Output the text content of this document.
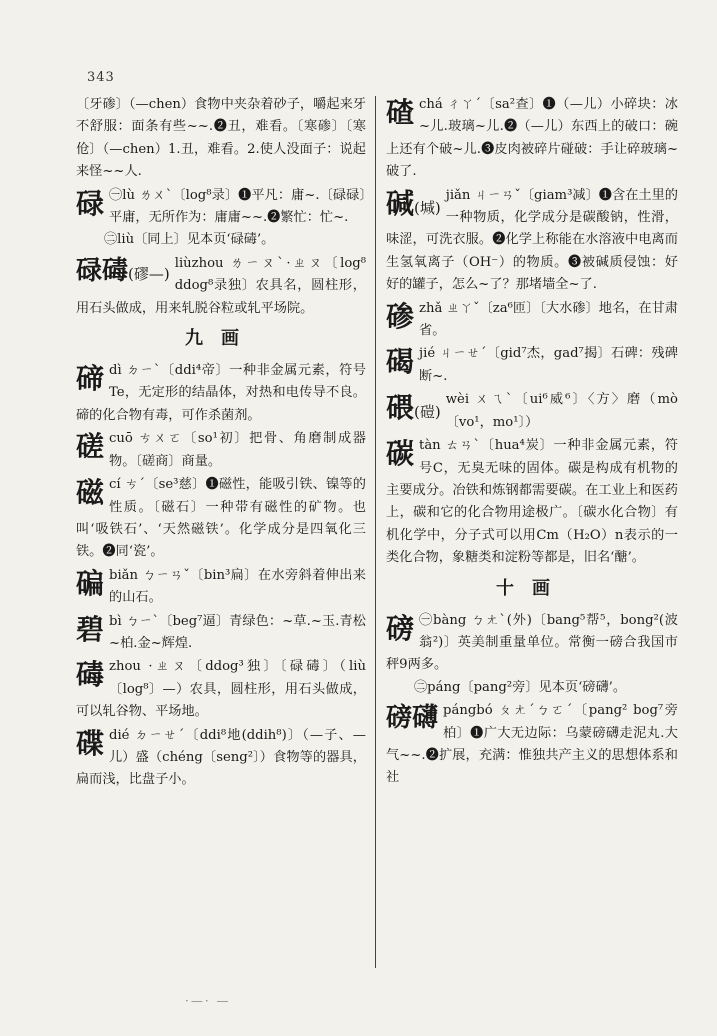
343
〔牙碜〕（—chen）食物中夹杂着砂子，嚼起来牙不舒服：面条有些~~.❷丑，难看。〔寒碜〕〔寒伧〕（—chen）1.丑，难看。2.使人没面子：说起来怪~~人.
碌 ㊀lù ㄌㄨˋ〔log⁸录〕❶平凡：庸~.〔碌碌〕平庸，无所作为：庸庸~~.❷繁忙：忙~.
㊁liù〔同上〕见本页‘碌碡’。
碌碡(磟—)
liùzhou ㄌㄧㄡˋ·ㄓㄡ〔log⁸ ddog⁸录独〕农具名，圆柱形，用石头做成，用来轧脱谷粒或轧平场院。
九画
碲 dì ㄉㄧˋ〔ddi⁴帝〕一种非金属元素，符号Te，无定形的结晶体，对热和电传导不良。碲的化合物有毒，可作杀菌剂。
磋 cuō ㄘㄨㄛ〔so¹初〕把骨、角磨制成器物。〔磋商〕商量。
磁 cí ㄘˊ〔se³慈〕❶磁性，能吸引铁、镍等的性质。〔磁石〕一种带有磁性的矿物。也叫‘吸铁石’、‘天然磁铁’。化学成分是四氧化三铁。❷同‘瓷’。
碥 biǎn ㄅㄧㄢˇ〔bin³扁〕在水旁斜着伸出来的山石。
碧 bì ㄅㄧˋ〔beg⁷逼〕青绿色：~草.~玉.青松~柏.金~辉煌.
碡 zhou ·ㄓㄡ〔ddog³独〕〔碌碡〕（liù〔log⁸〕—）农具，圆柱形，用石头做成，可以轧谷物、平场地。
碟 dié ㄉㄧㄝˊ〔ddi⁸地(ddih⁸)〕（—子、—儿）盛（chéng〔seng²〕）食物等的器具，扁而浅，比盘子小。
碴 chá ㄔㄚˊ〔sa²查〕❶（—儿）小碎块：冰~儿.玻璃~儿.❷（—儿）东西上的破口：碗上还有个破~儿.❸皮肉被碎片碰破：手让碎玻璃~破了.
碱(堿)
jiǎn ㄐㄧㄢˇ〔giam³减〕❶含在土里的一种物质，化学成分是碳酸钠，性滑，味涩，可洗衣服。❷化学上称能在水溶液中电离而生氢氧离子（OH⁻）的物质。❸被碱质侵蚀：好好的罐子，怎么~了？那堵墙全~了.
碜 zhǎ ㄓㄚˇ〔za⁶匝〕〔大水碜〕地名，在甘肃省。
碣 jié ㄐㄧㄝˊ〔gid⁷杰，gad⁷揭〕石碑：残碑断~.
碨(磑)
wèi ㄨㄟˋ〔ui⁶威⁶〕〈方〉磨（mò〔vo¹，mo¹〕）
碳 tàn ㄊㄢˋ〔hua⁴炭〕一种非金属元素，符号C，无臭无味的固体。碳是构成有机物的主要成分。冶铁和炼钢都需要碳。在工业上和医药上，碳和它的化合物用途极广。〔碳水化合物〕有机化学中，分子式可以用Cm（H₂O）n表示的一类化合物，象糖类和淀粉等都是，旧名‘醣’。
十画
磅 ㊀bàng ㄅㄤˋ(外)〔bang⁵帮⁵，bong²(波翁²)〕英美制重量单位。常衡一磅合我国市秤9两多。
㊁páng〔pang²旁〕见本页‘磅礴’。
磅礴 pángbó ㄆㄤˊㄅㄛˊ〔pang² bog⁷旁柏〕❶广大无边际：乌蒙磅礴走泥丸.大气~~.❷扩展，充满：惟独共产主义的思想体系和社
·—· —
